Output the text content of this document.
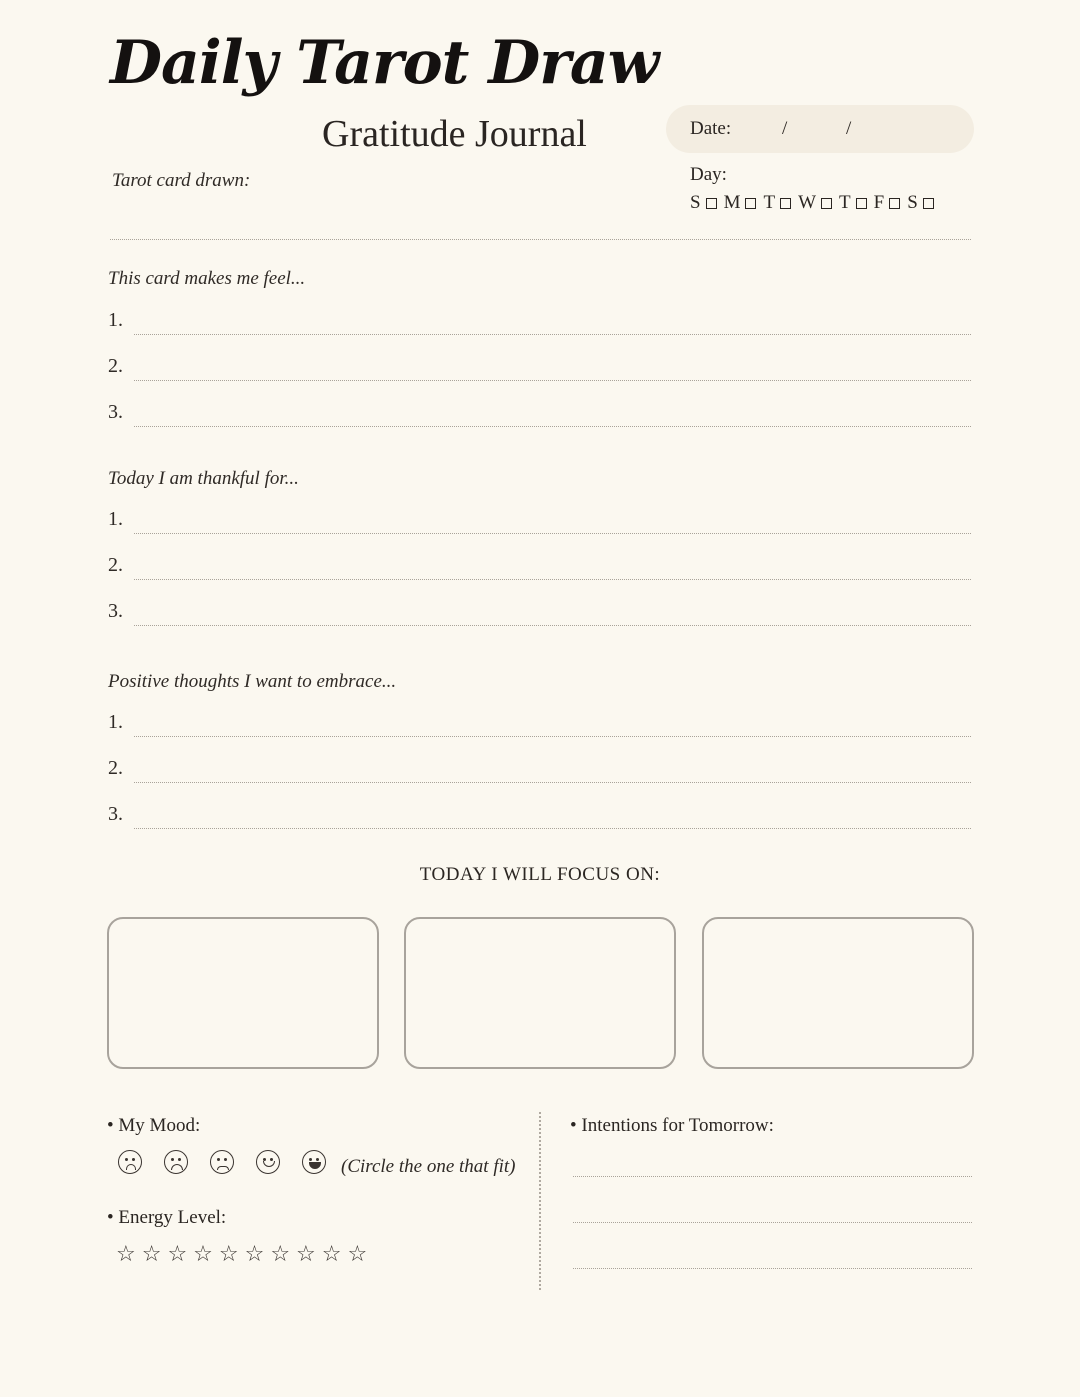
Daily Tarot Draw
Gratitude Journal	Date:	/	/
Day:
S M T W T F S
Tarot card drawn:
This card makes me feel...
1.
2.
3.
Today I am thankful for...
1.
2.
3.
Positive thoughts I want to embrace...
1.
2.
3.
TODAY I WILL FOCUS ON:
• My Mood:
(Circle the one that fit)
• Energy Level:
☆☆☆☆☆☆☆☆☆☆
• Intentions for Tomorrow:
